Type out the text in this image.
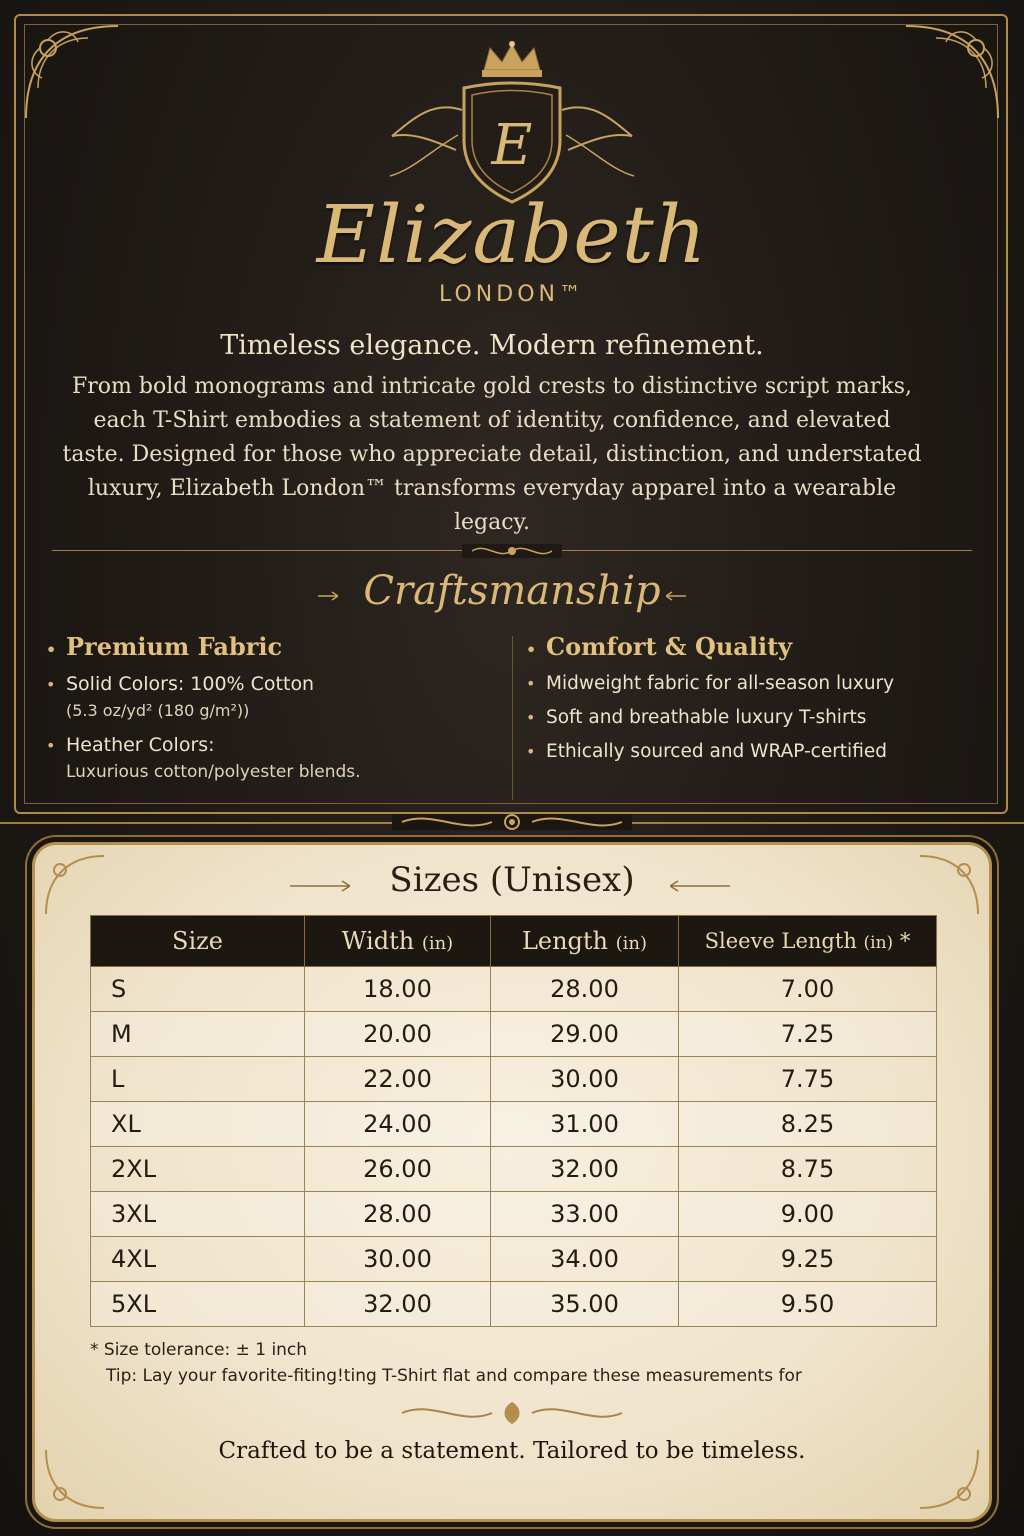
E
Elizabeth
LONDON™
Timeless elegance. Modern refinement.
From bold monograms and intricate gold crests to distinctive script marks, each T-Shirt embodies a statement of identity, confidence, and elevated taste. Designed for those who appreciate detail, distinction, and understated luxury, Elizabeth London™ transforms everyday apparel into a wearable legacy.
Craftsmanship
• Premium Fabric
• Solid Colors: 100% Cotton
(5.3 oz/yd² (180 g/m²))
• Heather Colors:
Luxurious cotton/polyester blends.
• Comfort & Quality
• Midweight fabric for all-season luxury
• Soft and breathable luxury T-shirts
• Ethically sourced and WRAP-certified
Sizes (Unisex)
Size	Width (in)	Length (in)	Sleeve Length (in) *
S	18.00	28.00	7.00
M	20.00	29.00	7.25
L	22.00	30.00	7.75
XL	24.00	31.00	8.25
2XL	26.00	32.00	8.75
3XL	28.00	33.00	9.00
4XL	30.00	34.00	9.25
5XL	32.00	35.00	9.50
* Size tolerance: ± 1 inch
Tip: Lay your favorite-fiting!ting T-Shirt flat and compare these measurements for
Crafted to be a statement. Tailored to be timeless.
